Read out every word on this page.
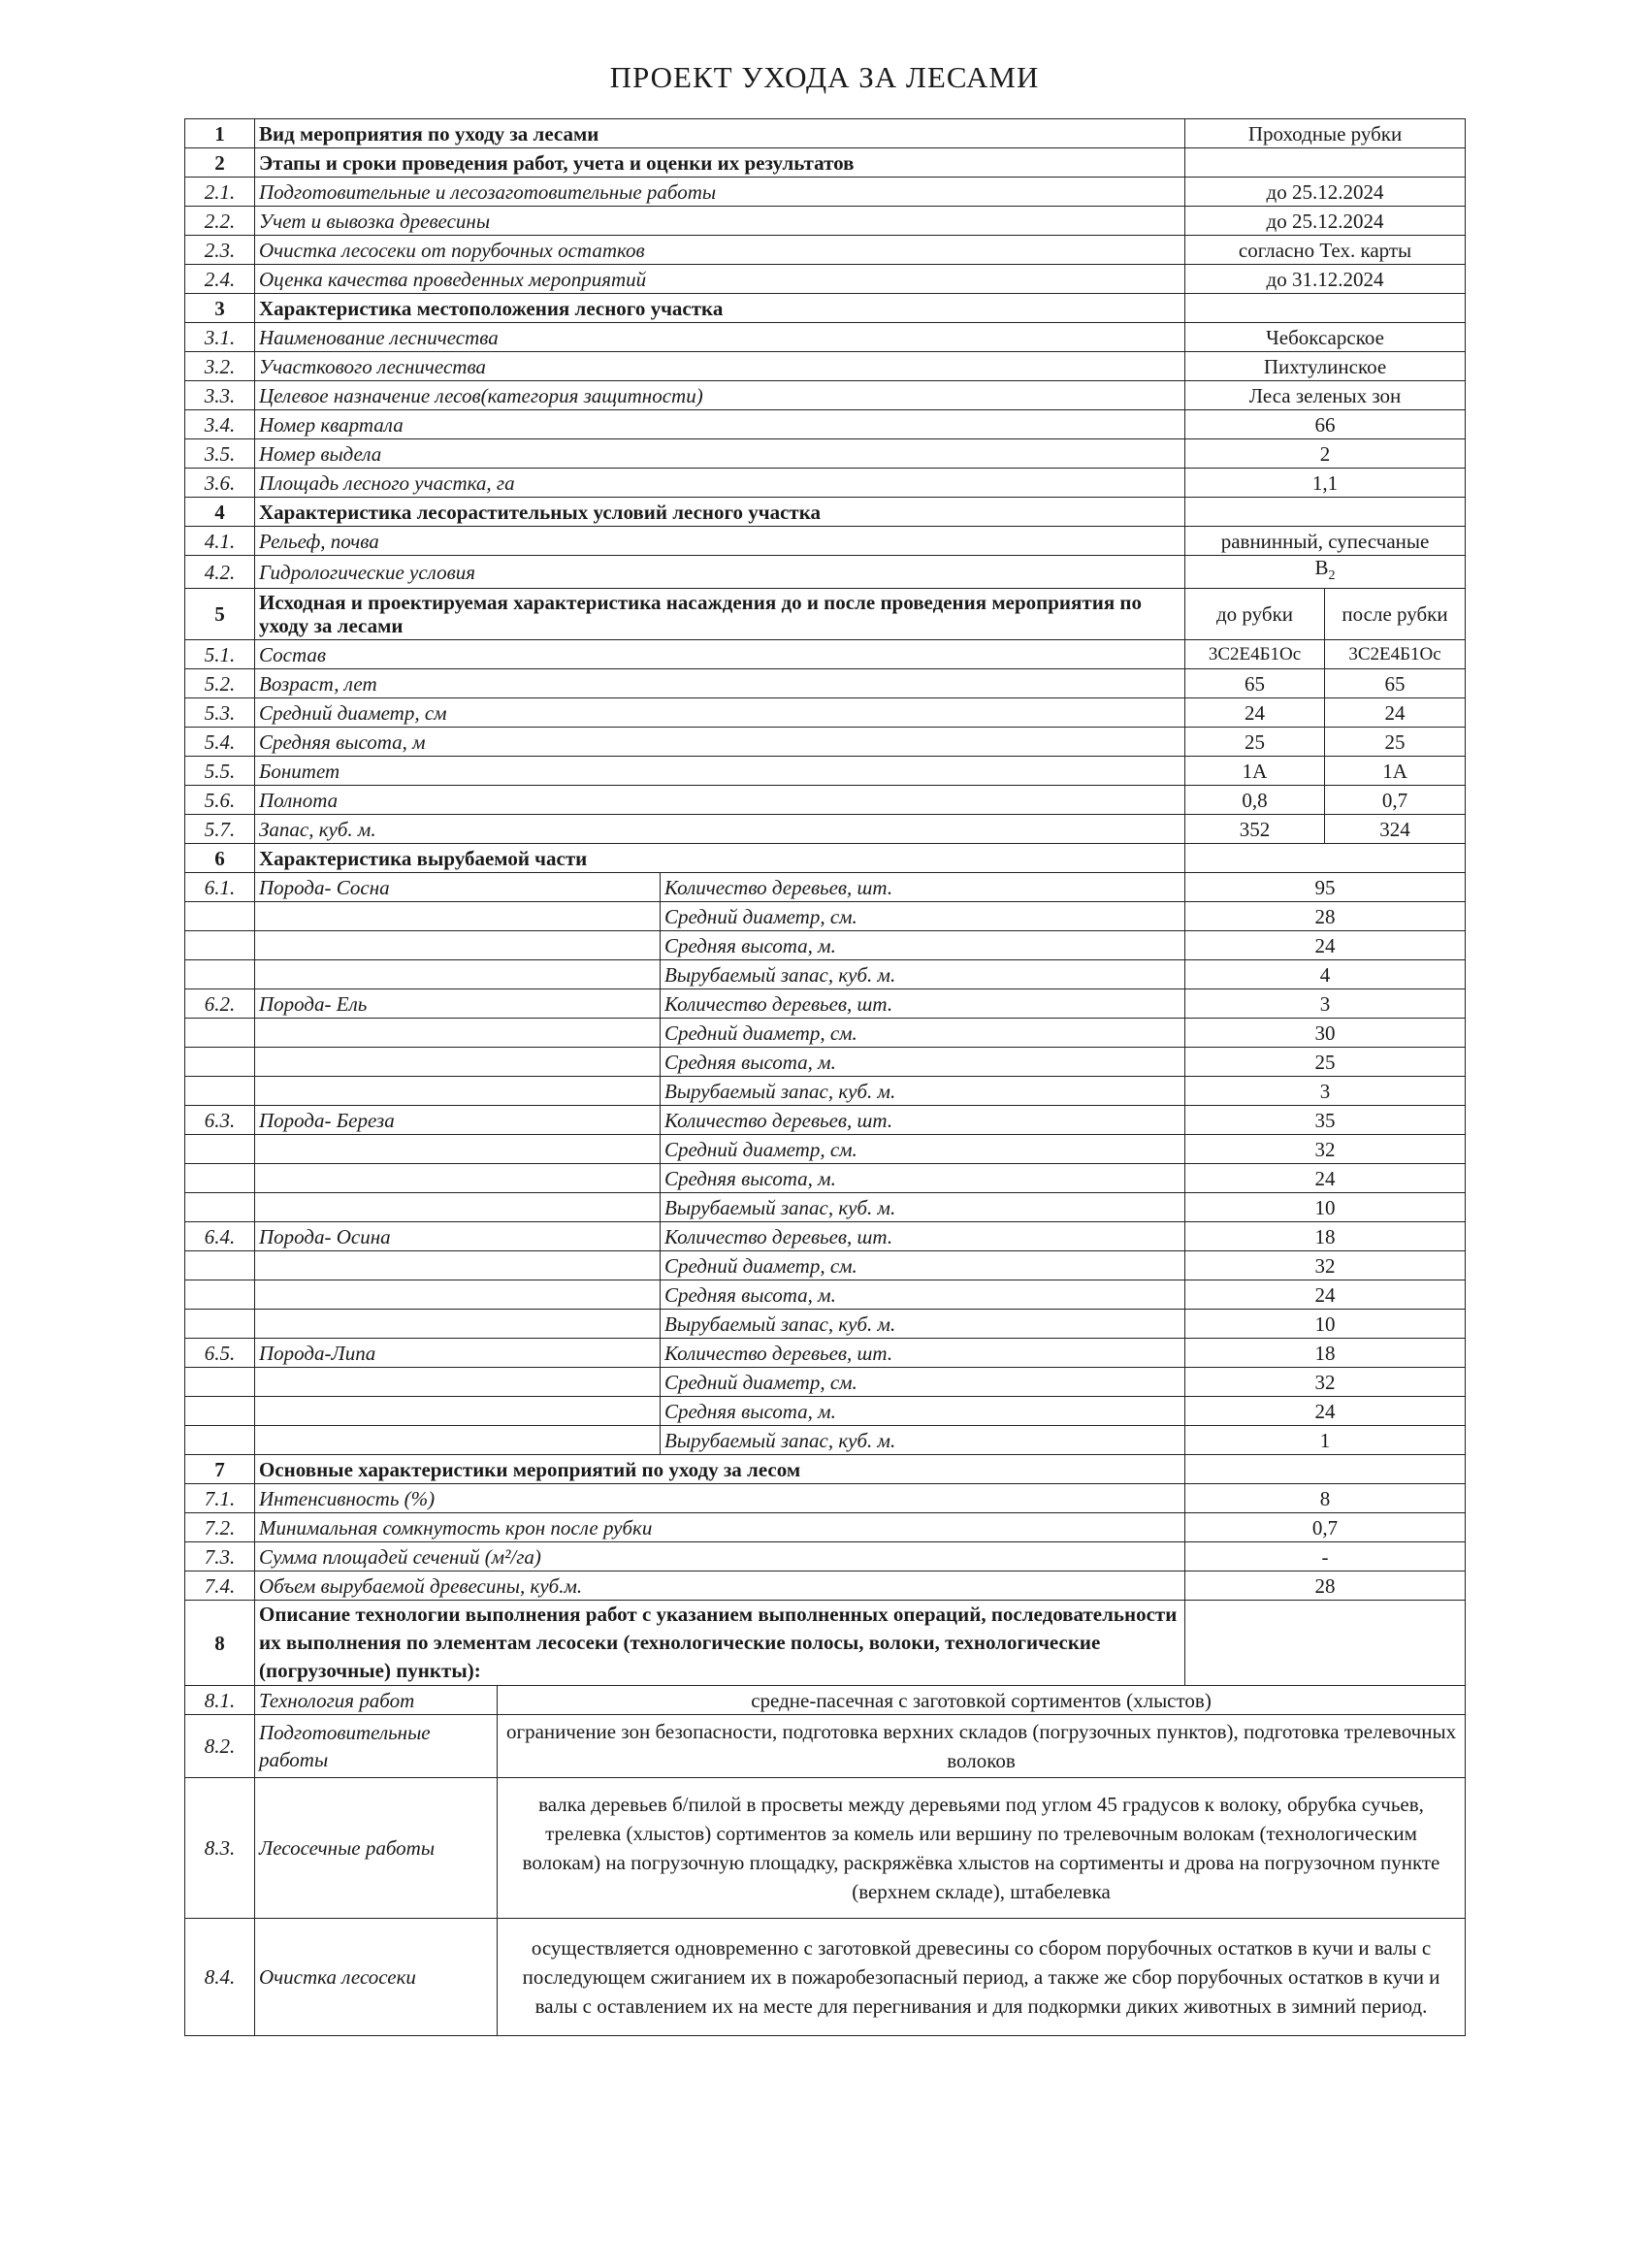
ПРОЕКТ УХОДА ЗА ЛЕСАМИ
1	Вид мероприятия по уходу за лесами			Проходные рубки	
2	Этапы и сроки проведения работ, учета и оценки их результатов				
2.1.	Подготовительные и лесозаготовительные работы			до 25.12.2024	
2.2.	Учет и вывозка древесины			до 25.12.2024	
2.3.	Очистка лесосеки от порубочных остатков			согласно Тех. карты	
2.4.	Оценка качества проведенных мероприятий			до 31.12.2024	
3	Характеристика местоположения лесного участка				
3.1.	Наименование лесничества			Чебоксарское	
3.2.	Участкового лесничества			Пихтулинское	
3.3.	Целевое назначение лесов(категория защитности)			Леса зеленых зон	
3.4.	Номер квартала			66	
3.5.	Номер выдела			2	
3.6.	Площадь лесного участка, га			1,1	
4	Характеристика лесорастительных условий лесного участка				
4.1.	Рельеф, почва			равнинный, супесчаные	
4.2.	Гидрологические условия			$B_2$
5	Исходная и проектируемая характеристика насаждения до и после проведения мероприятия по уходу за лесами			до рубки	после рубки
5.1.	Состав			3С2Е4Б1Ос	3С2Е4Б1Ос
5.2.	Возраст, лет			65	65
5.3.	Средний диаметр, см			24	24
5.4.	Средняя высота, м			25	25
5.5.	Бонитет			1А	1А
5.6.	Полнота			0,8	0,7
5.7.	Запас, куб. м.			352	324
6	Характеристика вырубаемой части				
6.1.	Порода- Сосна		Количество деревьев, шт.	95	
			Средний диаметр, см.	28	
			Средняя высота, м.	24	
			Вырубаемый запас, куб. м.	4	
6.2.	Порода- Ель		Количество деревьев, шт.	3	
			Средний диаметр, см.	30	
			Средняя высота, м.	25	
			Вырубаемый запас, куб. м.	3	
6.3.	Порода- Береза		Количество деревьев, шт.	35	
			Средний диаметр, см.	32	
			Средняя высота, м.	24	
			Вырубаемый запас, куб. м.	10	
6.4.	Порода- Осина		Количество деревьев, шт.	18	
			Средний диаметр, см.	32	
			Средняя высота, м.	24	
			Вырубаемый запас, куб. м.	10	
6.5.	Порода-Липа		Количество деревьев, шт.	18	
			Средний диаметр, см.	32	
			Средняя высота, м.	24	
			Вырубаемый запас, куб. м.	1	
7	Основные характеристики мероприятий по уходу за лесом				
7.1.	Интенсивность (%)			8	
7.2.	Минимальная сомкнутость крон после рубки			0,7	
7.3.	Сумма площадей сечений (м²/га)			-	
7.4.	Объем вырубаемой древесины, куб.м.			28	
8	Описание технологии выполнения работ с указанием выполненных операций, последовательности их выполнения по элементам лесосеки (технологические полосы, волоки, технологические (погрузочные) пункты):				
8.1.	Технология работ	средне-пасечная с заготовкой сортиментов (хлыстов)			
8.2.	Подготовительные работы	ограничение зон безопасности, подготовка верхних складов (погрузочных пунктов), подготовка трелевочных волоков			
8.3.	Лесосечные работы	валка деревьев б/пилой в просветы между деревьями под углом 45 градусов к волоку, обрубка сучьев, трелевка (хлыстов) сортиментов за комель или вершину по трелевочным волокам (технологическим волокам) на погрузочную площадку, раскряжёвка хлыстов на сортименты и дрова на погрузочном пункте (верхнем складе), штабелевка			
8.4.	Очистка лесосеки	осуществляется одновременно с заготовкой древесины со сбором порубочных остатков в кучи и валы с последующем сжиганием их в пожаробезопасный период, а также же сбор порубочных остатков в кучи и валы с оставлением их на месте для перегнивания и для подкормки диких животных в зимний период.			
